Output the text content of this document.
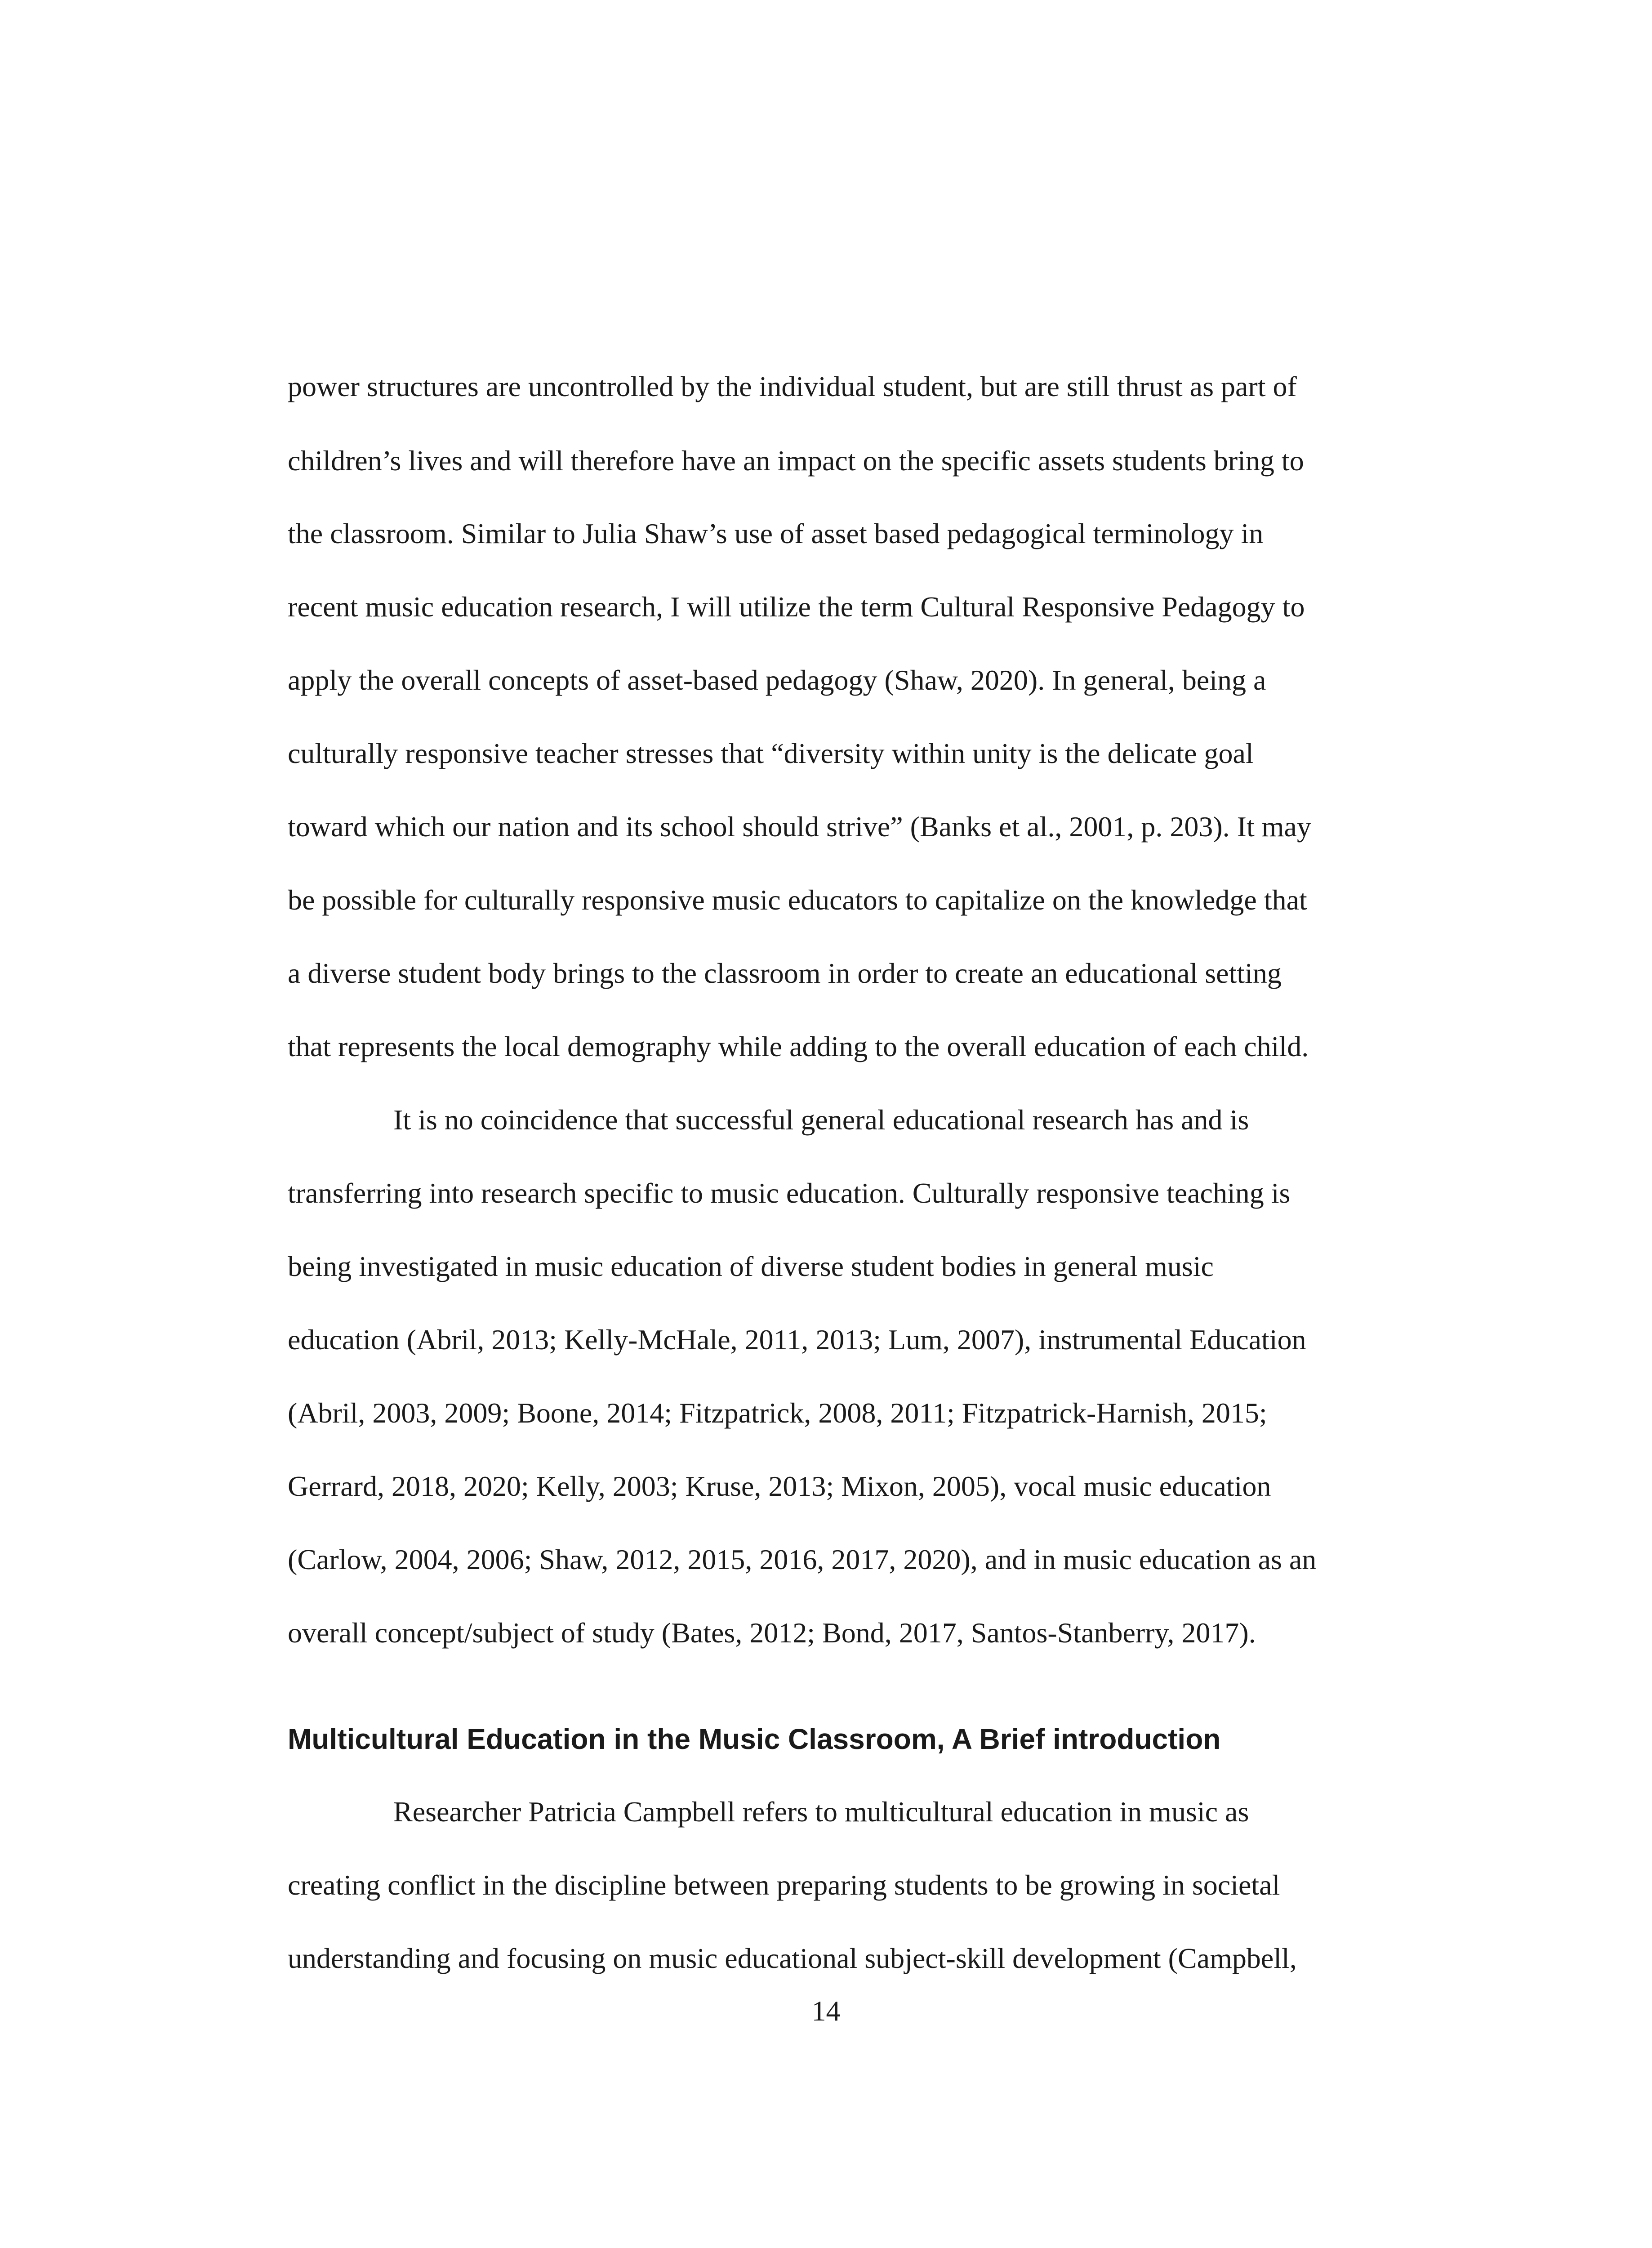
power structures are uncontrolled by the individual student, but are still thrust as part of
children’s lives and will therefore have an impact on the specific assets students bring to
the classroom. Similar to Julia Shaw’s use of asset based pedagogical terminology in
recent music education research, I will utilize the term Cultural Responsive Pedagogy to
apply the overall concepts of asset-based pedagogy (Shaw, 2020). In general, being a
culturally responsive teacher stresses that “diversity within unity is the delicate goal
toward which our nation and its school should strive” (Banks et al., 2001, p. 203). It may
be possible for culturally responsive music educators to capitalize on the knowledge that
a diverse student body brings to the classroom in order to create an educational setting
that represents the local demography while adding to the overall education of each child.
It is no coincidence that successful general educational research has and is
transferring into research specific to music education. Culturally responsive teaching is
being investigated in music education of diverse student bodies in general music
education (Abril, 2013; Kelly-McHale, 2011, 2013; Lum, 2007), instrumental Education
(Abril, 2003, 2009; Boone, 2014; Fitzpatrick, 2008, 2011; Fitzpatrick-Harnish, 2015;
Gerrard, 2018, 2020; Kelly, 2003; Kruse, 2013; Mixon, 2005), vocal music education
(Carlow, 2004, 2006; Shaw, 2012, 2015, 2016, 2017, 2020), and in music education as an
overall concept/subject of study (Bates, 2012; Bond, 2017, Santos-Stanberry, 2017).
Multicultural Education in the Music Classroom, A Brief introduction
Researcher Patricia Campbell refers to multicultural education in music as
creating conflict in the discipline between preparing students to be growing in societal
understanding and focusing on music educational subject-skill development (Campbell,
14
